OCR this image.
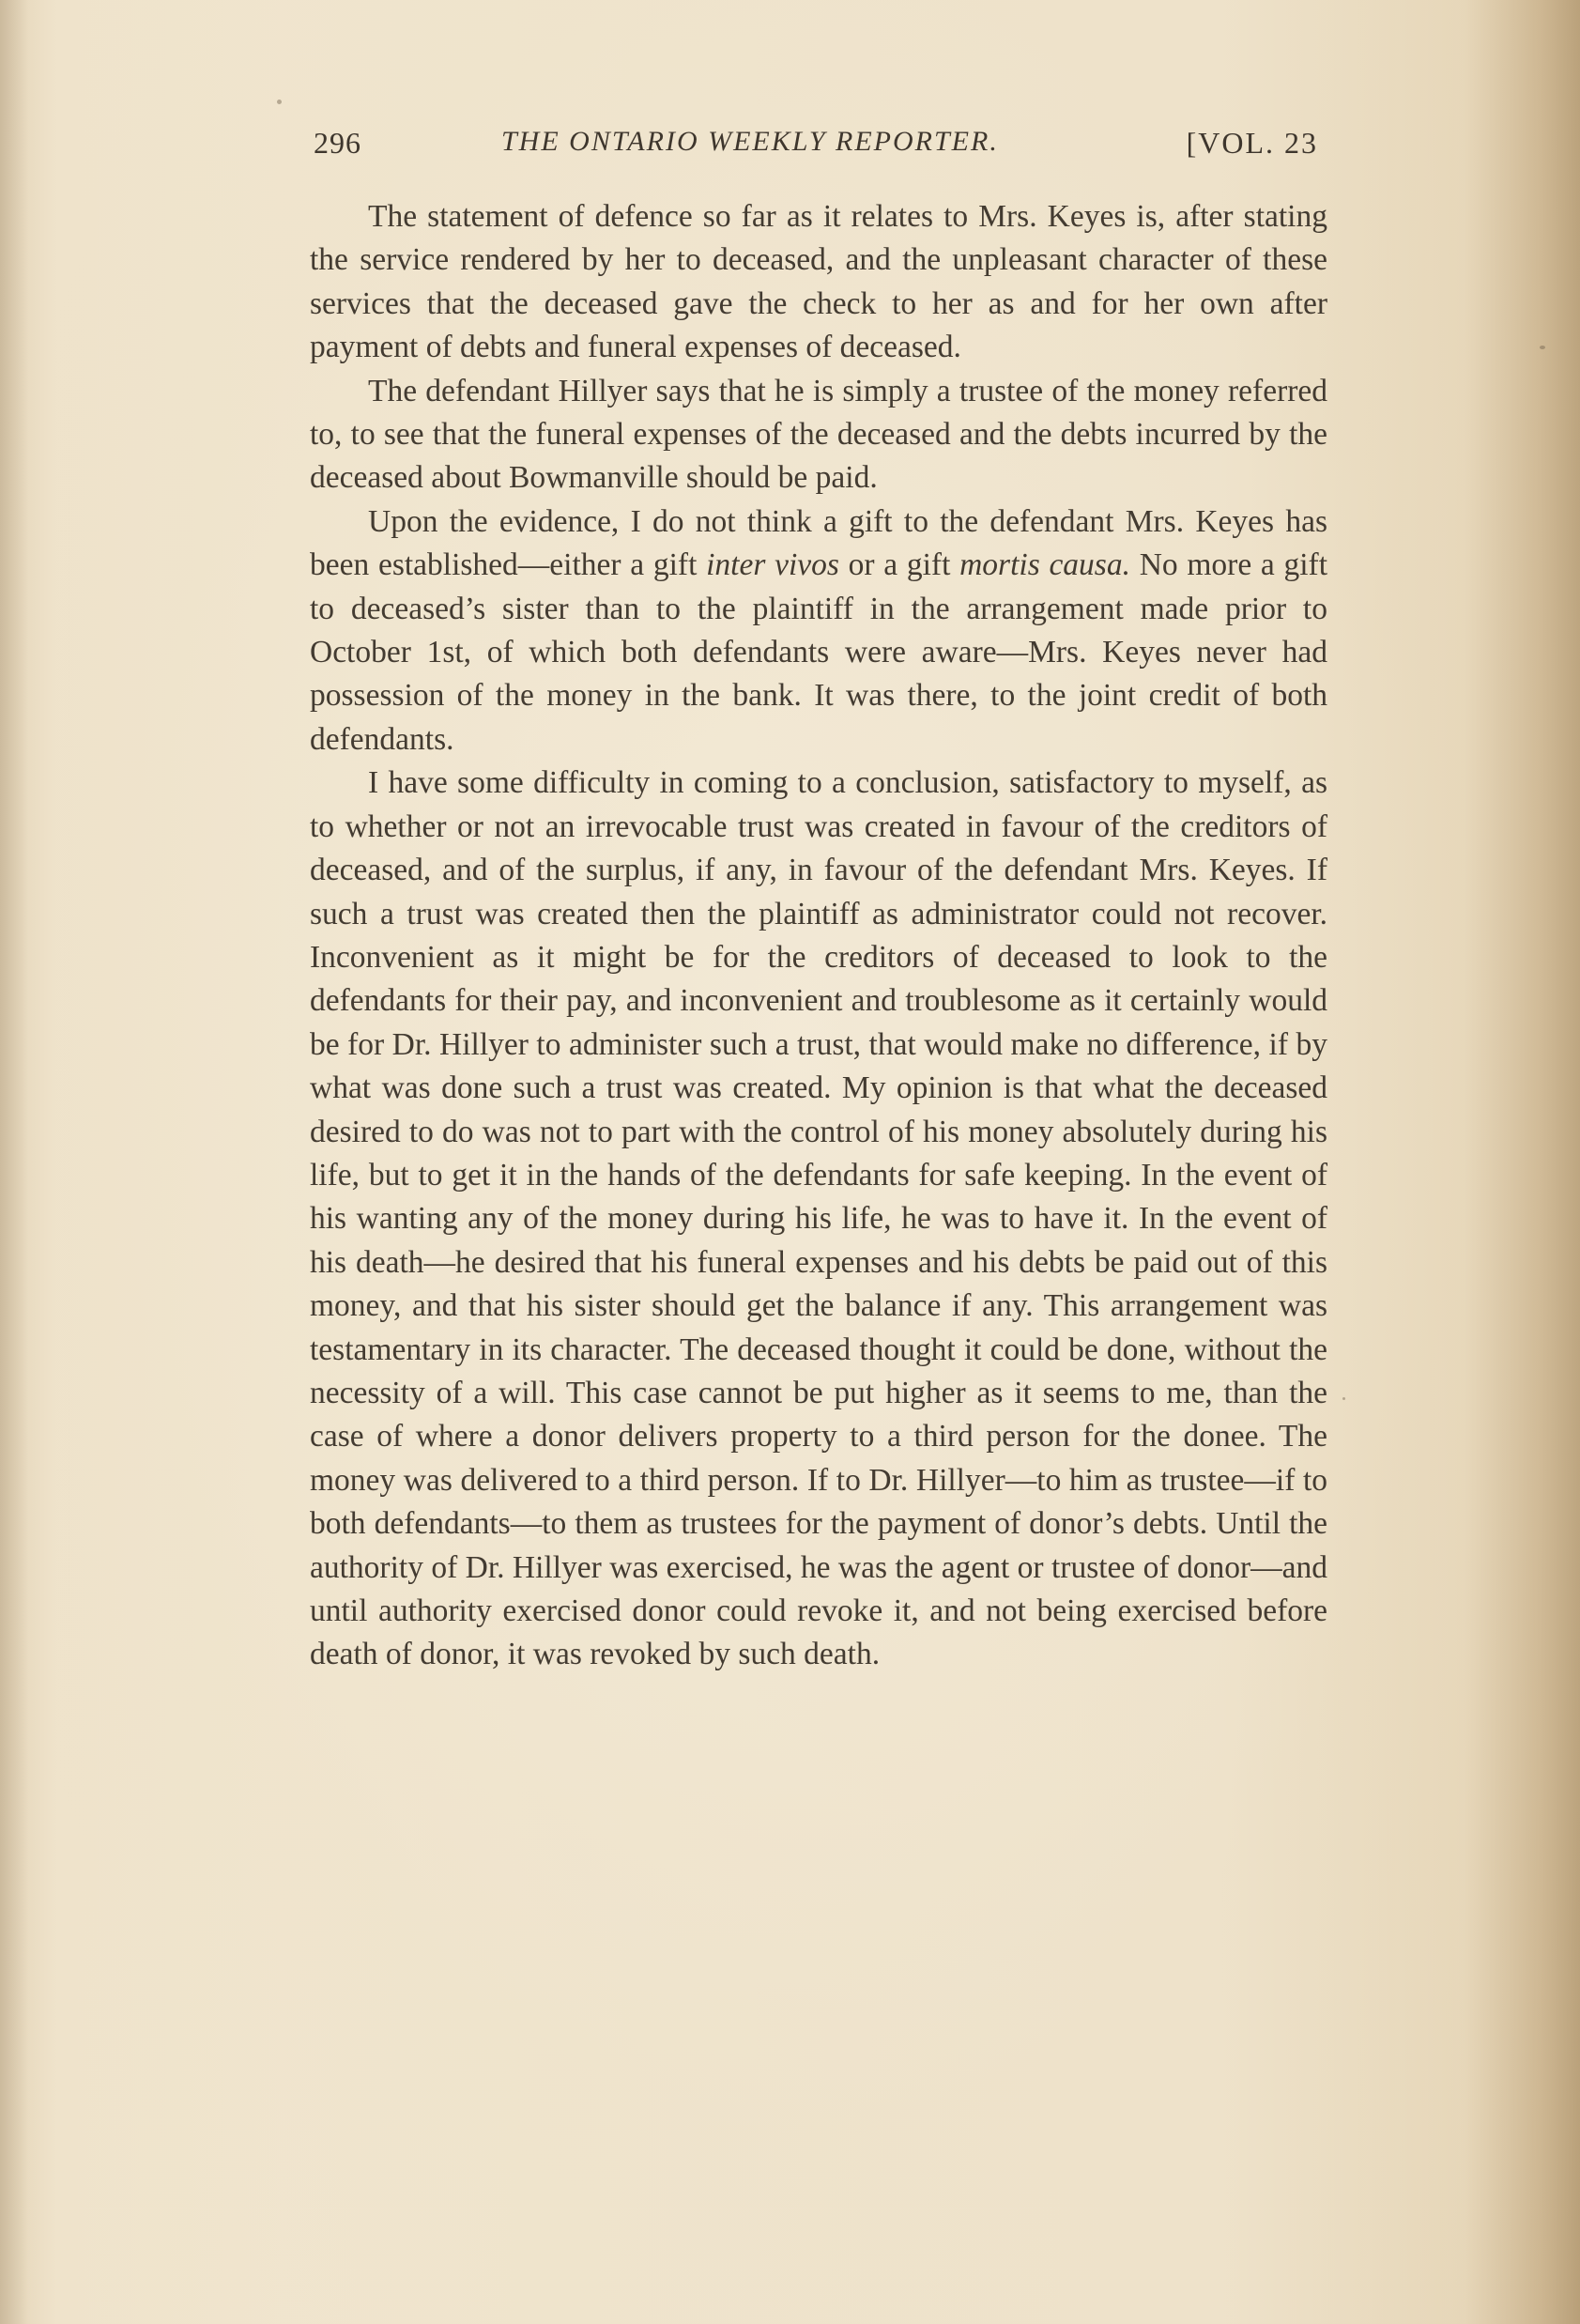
296	THE ONTARIO WEEKLY REPORTER.	[VOL. 23

The statement of defence so far as it relates to Mrs. Keyes is, after stating the service rendered by her to deceased, and the unpleasant character of these services that the deceased gave the check to her as and for her own after payment of debts and funeral expenses of deceased.

The defendant Hillyer says that he is simply a trustee of the money referred to, to see that the funeral expenses of the deceased and the debts incurred by the deceased about Bowmanville should be paid.

Upon the evidence, I do not think a gift to the defendant Mrs. Keyes has been established—either a gift inter vivos or a gift mortis causa. No more a gift to deceased’s sister than to the plaintiff in the arrangement made prior to October 1st, of which both defendants were aware—Mrs. Keyes never had possession of the money in the bank. It was there, to the joint credit of both defendants.

I have some difficulty in coming to a conclusion, satisfactory to myself, as to whether or not an irrevocable trust was created in favour of the creditors of deceased, and of the surplus, if any, in favour of the defendant Mrs. Keyes. If such a trust was created then the plaintiff as administrator could not recover. Inconvenient as it might be for the creditors of deceased to look to the defendants for their pay, and inconvenient and troublesome as it certainly would be for Dr. Hillyer to administer such a trust, that would make no difference, if by what was done such a trust was created. My opinion is that what the deceased desired to do was not to part with the control of his money absolutely during his life, but to get it in the hands of the defendants for safe keeping. In the event of his wanting any of the money during his life, he was to have it. In the event of his death—he desired that his funeral expenses and his debts be paid out of this money, and that his sister should get the balance if any. This arrangement was testamentary in its character. The deceased thought it could be done, without the necessity of a will. This case cannot be put higher as it seems to me, than the case of where a donor delivers property to a third person for the donee. The money was delivered to a third person. If to Dr. Hillyer—to him as trustee—if to both defendants—to them as trustees for the payment of donor’s debts. Until the authority of Dr. Hillyer was exercised, he was the agent or trustee of donor—and until authority exercised donor could revoke it, and not being exercised before death of donor, it was revoked by such death.
